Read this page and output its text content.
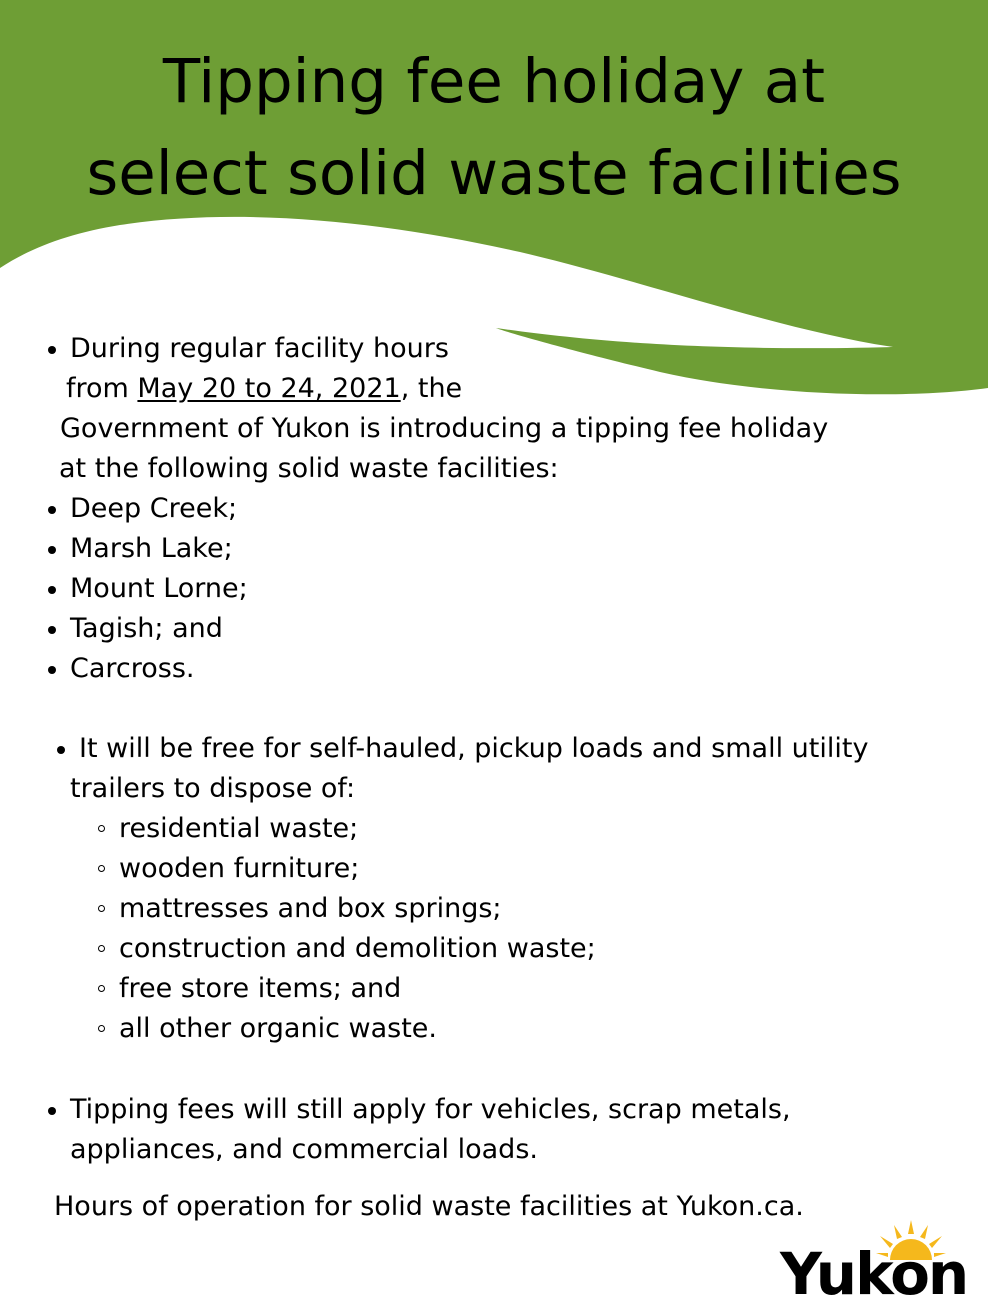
Tipping fee holiday at
select solid waste facilities
During regular facility hours
from May 20 to 24, 2021, the
Government of Yukon is introducing a tipping fee holiday
at the following solid waste facilities:
Deep Creek;
Marsh Lake;
Mount Lorne;
Tagish; and
Carcross.
It will be free for self-hauled, pickup loads and small utility
trailers to dispose of:
residential waste;
wooden furniture;
mattresses and box springs;
construction and demolition waste;
free store items; and
all other organic waste.
Tipping fees will still apply for vehicles, scrap metals,
appliances, and commercial loads.
Hours of operation for solid waste facilities at Yukon.ca.
Yukon
